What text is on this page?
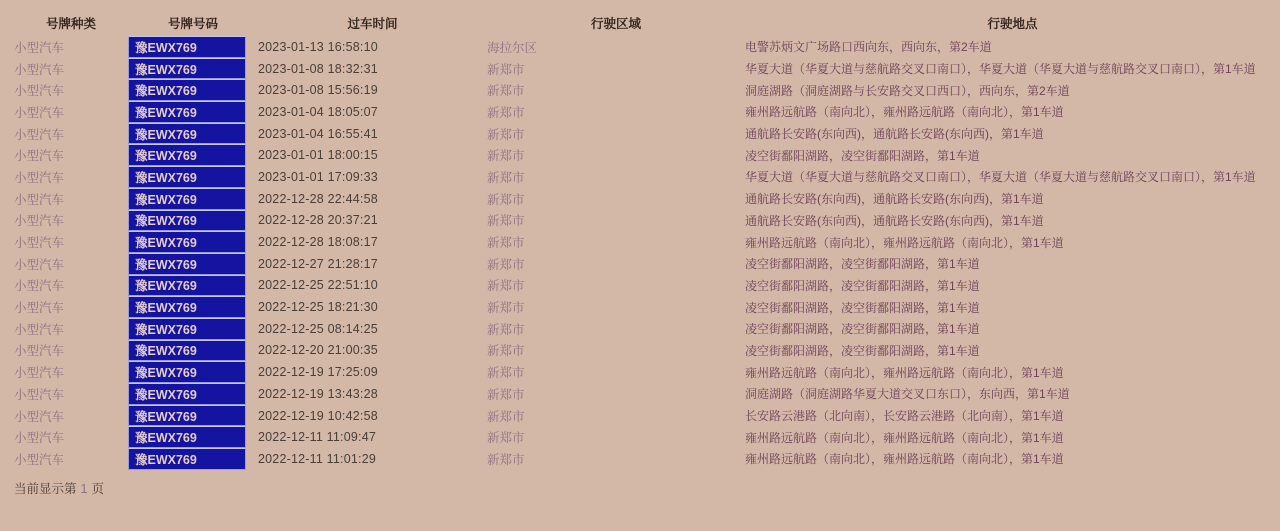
号牌种类	号牌号码	过车时间	行驶区域	行驶地点
小型汽车	豫EWX769	2023-01-13 16:58:10	海拉尔区	电警苏炳文广场路口西向东，西向东，第2车道
小型汽车	豫EWX769	2023-01-08 18:32:31	新郑市	华夏大道（华夏大道与慈航路交叉口南口），华夏大道（华夏大道与慈航路交叉口南口），第1车道
小型汽车	豫EWX769	2023-01-08 15:56:19	新郑市	洞庭湖路（洞庭湖路与长安路交叉口西口），西向东，第2车道
小型汽车	豫EWX769	2023-01-04 18:05:07	新郑市	雍州路远航路（南向北），雍州路远航路（南向北），第1车道
小型汽车	豫EWX769	2023-01-04 16:55:41	新郑市	通航路长安路(东向西)，通航路长安路(东向西)，第1车道
小型汽车	豫EWX769	2023-01-01 18:00:15	新郑市	凌空街鄱阳湖路，凌空街鄱阳湖路，第1车道
小型汽车	豫EWX769	2023-01-01 17:09:33	新郑市	华夏大道（华夏大道与慈航路交叉口南口），华夏大道（华夏大道与慈航路交叉口南口），第1车道
小型汽车	豫EWX769	2022-12-28 22:44:58	新郑市	通航路长安路(东向西)，通航路长安路(东向西)，第1车道
小型汽车	豫EWX769	2022-12-28 20:37:21	新郑市	通航路长安路(东向西)，通航路长安路(东向西)，第1车道
小型汽车	豫EWX769	2022-12-28 18:08:17	新郑市	雍州路远航路（南向北），雍州路远航路（南向北），第1车道
小型汽车	豫EWX769	2022-12-27 21:28:17	新郑市	凌空街鄱阳湖路，凌空街鄱阳湖路，第1车道
小型汽车	豫EWX769	2022-12-25 22:51:10	新郑市	凌空街鄱阳湖路，凌空街鄱阳湖路，第1车道
小型汽车	豫EWX769	2022-12-25 18:21:30	新郑市	凌空街鄱阳湖路，凌空街鄱阳湖路，第1车道
小型汽车	豫EWX769	2022-12-25 08:14:25	新郑市	凌空街鄱阳湖路，凌空街鄱阳湖路，第1车道
小型汽车	豫EWX769	2022-12-20 21:00:35	新郑市	凌空街鄱阳湖路，凌空街鄱阳湖路，第1车道
小型汽车	豫EWX769	2022-12-19 17:25:09	新郑市	雍州路远航路（南向北），雍州路远航路（南向北），第1车道
小型汽车	豫EWX769	2022-12-19 13:43:28	新郑市	洞庭湖路（洞庭湖路华夏大道交叉口东口），东向西，第1车道
小型汽车	豫EWX769	2022-12-19 10:42:58	新郑市	长安路云港路（北向南），长安路云港路（北向南），第1车道
小型汽车	豫EWX769	2022-12-11 11:09:47	新郑市	雍州路远航路（南向北），雍州路远航路（南向北），第1车道
小型汽车	豫EWX769	2022-12-11 11:01:29	新郑市	雍州路远航路（南向北），雍州路远航路（南向北），第1车道
当前显示第 1 页
